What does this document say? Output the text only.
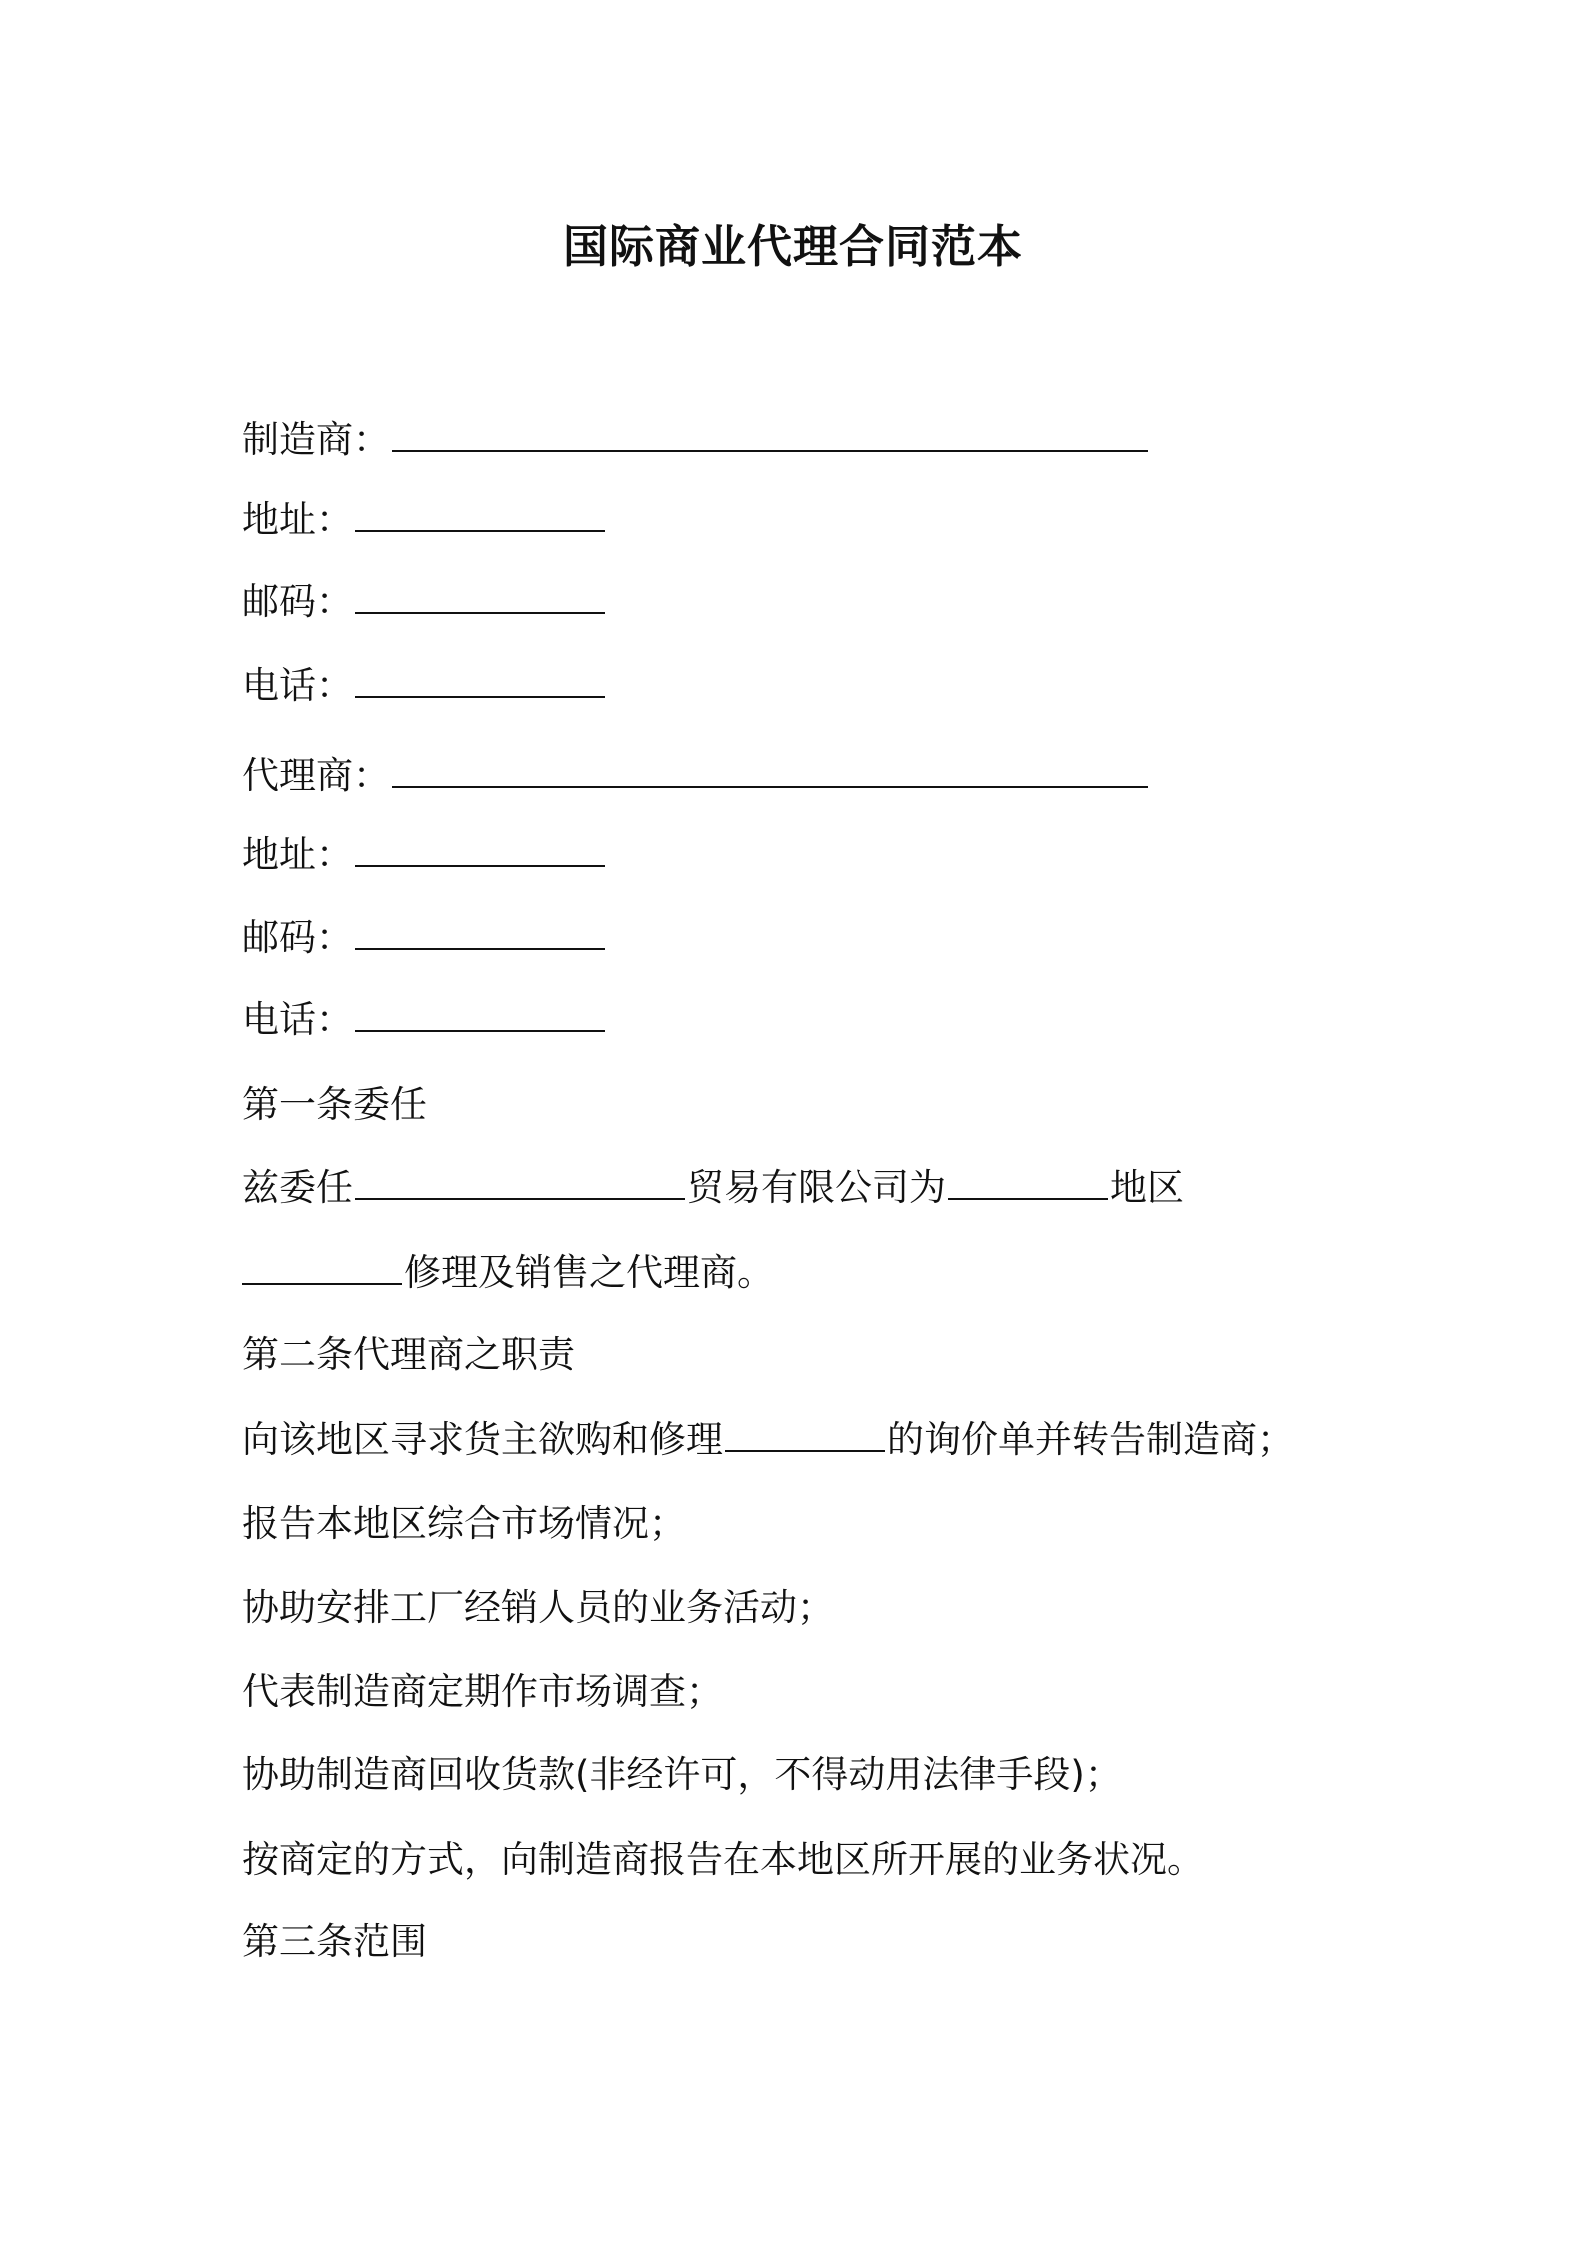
国际商业代理合同范本
制造商：
地址：
邮码：
电话：
代理商：
地址：
邮码：
电话：
第一条委任
兹委任	贸易有限公司为	地区
修理及销售之代理商。
第二条代理商之职责
向该地区寻求货主欲购和修理	的询价单并转告制造商；
报告本地区综合市场情况；
协助安排工厂经销人员的业务活动；
代表制造商定期作市场调查；
协助制造商回收货款(非经许可，不得动用法律手段)；
按商定的方式，向制造商报告在本地区所开展的业务状况。
第三条范围
